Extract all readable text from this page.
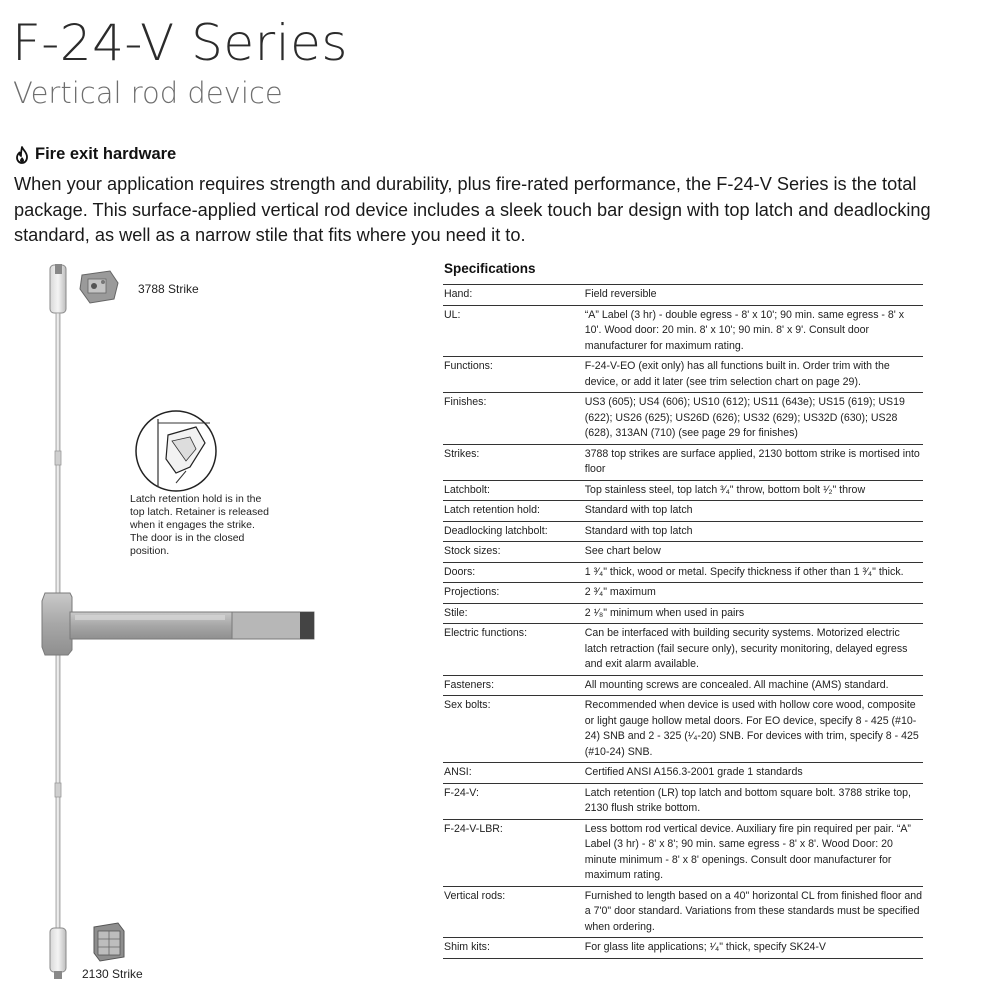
F-24-V Series
Vertical rod device
Fire exit hardware
When your application requires strength and durability, plus fire-rated performance, the F-24-V Series is the total package. This surface-applied vertical rod device includes a sleek touch bar design with top latch and deadlocking standard, as well as a narrow stile that fits where you need it to.
3788 Strike
Latch retention hold is in the top latch. Retainer is released when it engages the strike. The door is in the closed position.
2130 Strike
Specifications
Hand:	Field reversible
UL:	“A” Label (3 hr) - double egress - 8' x 10'; 90 min. same egress - 8' x 10'. Wood door: 20 min. 8' x 10'; 90 min. 8' x 9'. Consult door manufacturer for maximum rating.
Functions:	F-24-V-EO (exit only) has all functions built in. Order trim with the device, or add it later (see trim selection chart on page 29).
Finishes:	US3 (605); US4 (606); US10 (612); US11 (643e); US15 (619); US19 (622); US26 (625); US26D (626); US32 (629); US32D (630); US28 (628), 313AN (710) (see page 29 for finishes)
Strikes:	3788 top strikes are surface applied, 2130 bottom strike is mortised into floor
Latchbolt:	Top stainless steel, top latch ³⁄₄" throw, bottom bolt ¹⁄₂" throw
Latch retention hold:	Standard with top latch
Deadlocking latchbolt:	Standard with top latch
Stock sizes:	See chart below
Doors:	1 ³⁄₄" thick, wood or metal. Specify thickness if other than 1 ³⁄₄" thick.
Projections:	2 ³⁄₄" maximum
Stile:	2 ¹⁄₈" minimum when used in pairs
Electric functions:	Can be interfaced with building security systems. Motorized electric latch retraction (fail secure only), security monitoring, delayed egress and exit alarm available.
Fasteners:	All mounting screws are concealed. All machine (AMS) standard.
Sex bolts:	Recommended when device is used with hollow core wood, composite or light gauge hollow metal doors. For EO device, specify 8 - 425 (#10-24) SNB and 2 - 325 (¹⁄₄-20) SNB. For devices with trim, specify 8 - 425 (#10-24) SNB.
ANSI:	Certified ANSI A156.3-2001 grade 1 standards
F-24-V:	Latch retention (LR) top latch and bottom square bolt. 3788 strike top, 2130 flush strike bottom.
F-24-V-LBR:	Less bottom rod vertical device. Auxiliary fire pin required per pair. “A” Label (3 hr) - 8' x 8'; 90 min. same egress - 8' x 8'. Wood Door: 20 minute minimum - 8' x 8' openings. Consult door manufacturer for maximum rating.
Vertical rods:	Furnished to length based on a 40" horizontal CL from finished floor and a 7'0" door standard. Variations from these standards must be specified when ordering.
Shim kits:	For glass lite applications; ¹⁄₄" thick, specify SK24-V
